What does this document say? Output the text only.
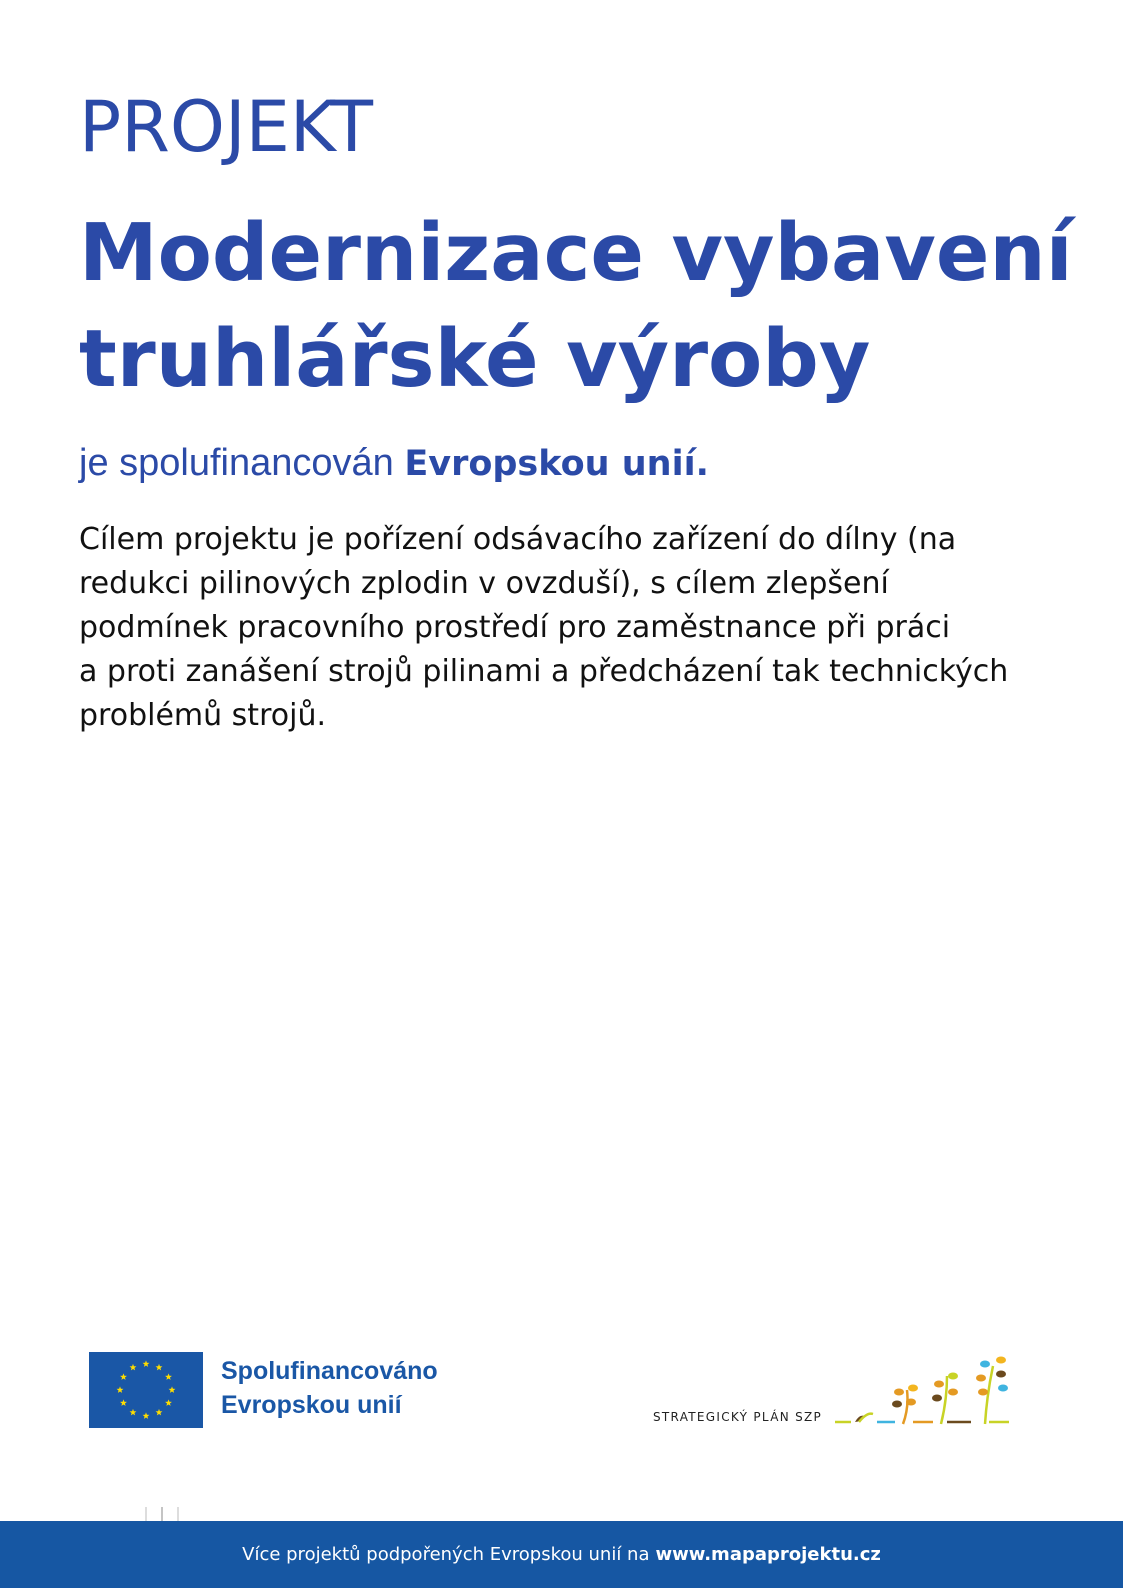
PROJEKT
Modernizace vybavení
truhlářské výroby

je spolufinancován Evropskou unií.

Cílem projektu je pořízení odsávacího zařízení do dílny (na
redukci pilinových zplodin v ovzduší), s cílem zlepšení
podmínek pracovního prostředí pro zaměstnance při práci
a proti zanášení strojů pilinami a předcházení tak technických
problémů strojů.

Spolufinancováno
Evropskou unií	STRATEGICKÝ PLÁN SZP
Více projektů podpořených Evropskou unií na www.mapaprojektu.cz
